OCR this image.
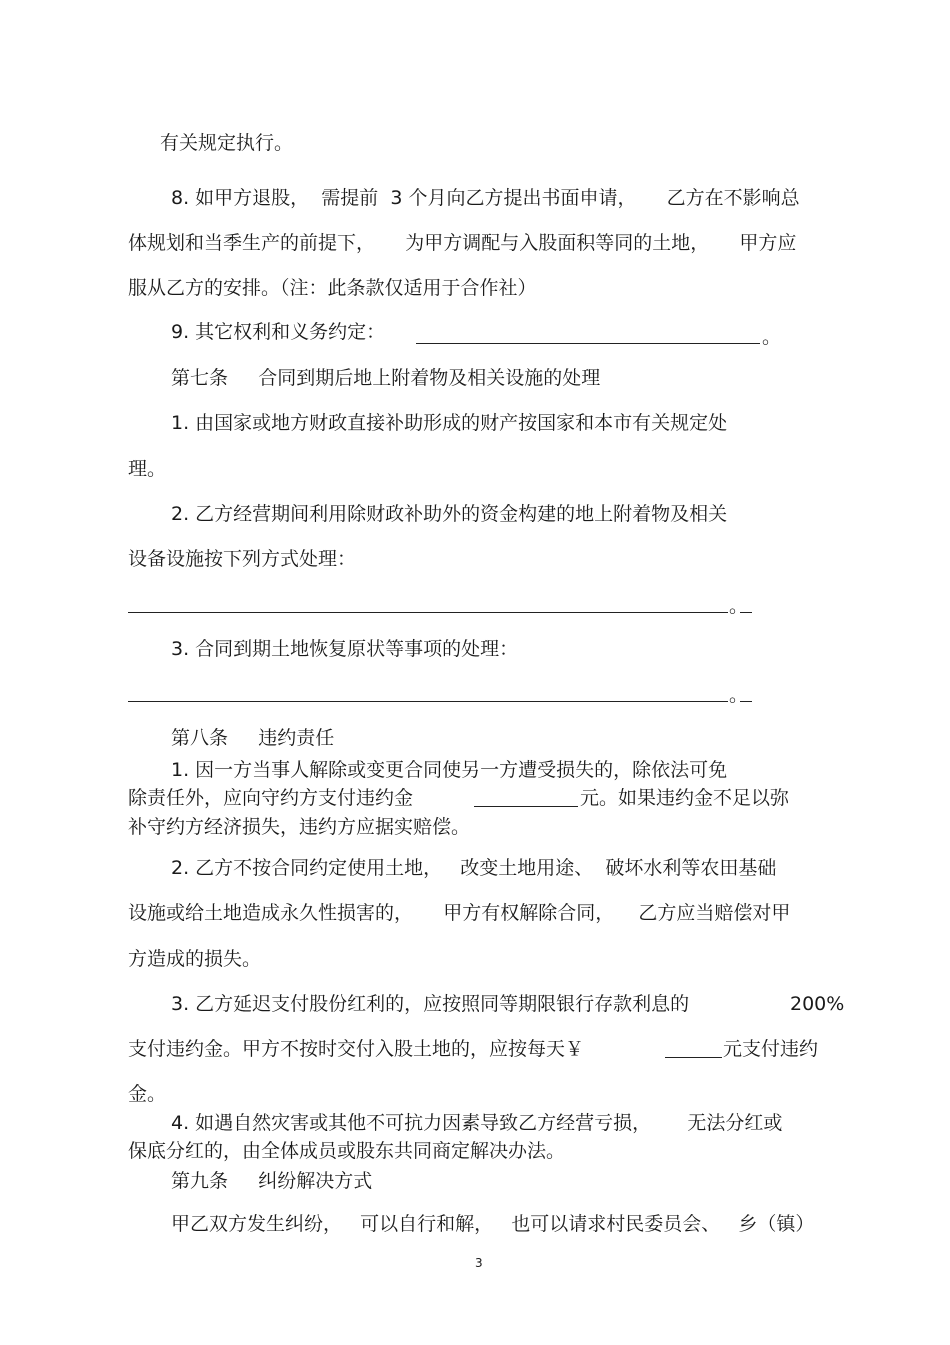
有关规定执行。
8. 如甲方退股，  需提前  3 个月向乙方提出书面申请，     乙方在不影响总
体规划和当季生产的前提下，     为甲方调配与入股面积等同的土地，     甲方应
服从乙方的安排。（注：此条款仅适用于合作社）
9. 其它权利和义务约定：	。
第七条     合同到期后地上附着物及相关设施的处理
1. 由国家或地方财政直接补助形成的财产按国家和本市有关规定处
理。
2. 乙方经营期间利用除财政补助外的资金构建的地上附着物及相关
设备设施按下列方式处理：
。
3. 合同到期土地恢复原状等事项的处理：
。
第八条     违约责任
1. 因一方当事人解除或变更合同使另一方遭受损失的，除依法可免
除责任外，应向守约方支付违约金	元。如果违约金不足以弥
补守约方经济损失，违约方应据实赔偿。
2. 乙方不按合同约定使用土地，   改变土地用途、  破坏水利等农田基础
设施或给土地造成永久性损害的，     甲方有权解除合同，    乙方应当赔偿对甲
方造成的损失。
3. 乙方延迟支付股份红利的，应按照同等期限银行存款利息的	200%
支付违约金。甲方不按时交付入股土地的，应按每天￥	元支付违约
金。
4. 如遇自然灾害或其他不可抗力因素导致乙方经营亏损，      无法分红或
保底分红的，由全体成员或股东共同商定解决办法。
第九条     纠纷解决方式
甲乙双方发生纠纷，   可以自行和解，   也可以请求村民委员会、   乡（镇）
3
